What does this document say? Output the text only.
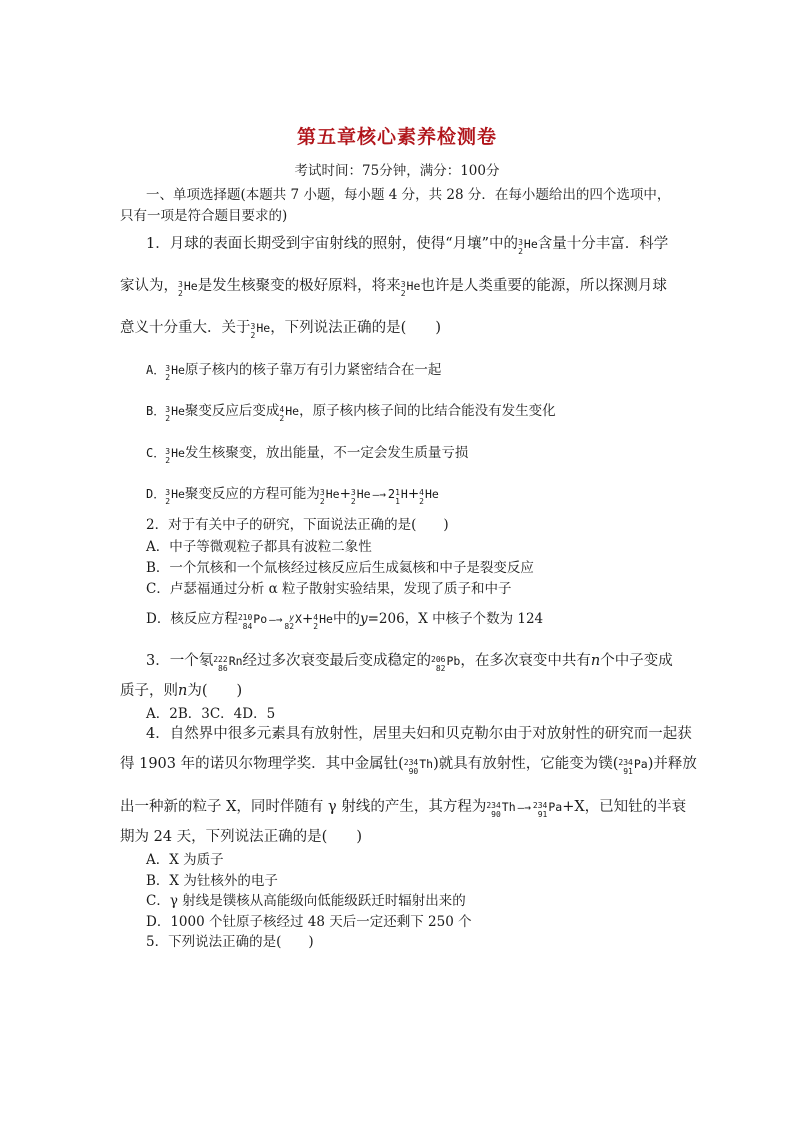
第五章核心素养检测卷
考试时间：75分钟，满分：100分
一、单项选择题(本题共 7 小题，每小题 4 分，共 28 分．在每小题给出的四个选项中，
只有一项是符合题目要求的)
1．月球的表面长期受到宇宙射线的照射，使得“月壤”中的 3
2
He 含量十分丰富．科学
家认为， 3
2
He 是发生核聚变的极好原料，将来 3
2
He 也许是人类重要的能源，所以探测月球
意义十分重大．关于 3
2
He ，下列说法正确的是(　　)
A． 3
2
He 原子核内的核子靠万有引力紧密结合在一起
B． 3
2
He 聚变反应后变成 4
2
He ，原子核内核子间的比结合能没有发生变化
C． 3
2
He 发生核聚变，放出能量，不一定会发生质量亏损
D． 3
2
He 聚变反应的方程可能为 3
2
He + 3
2
He —→ 2 1
1
H + 4
2
He
2．对于有关中子的研究，下面说法正确的是(　　)
A．中子等微观粒子都具有波粒二象性
B．一个氘核和一个氚核经过核反应后生成氦核和中子是裂变反应
C．卢瑟福通过分析 α 粒子散射实验结果，发现了质子和中子
D．核反应方程 210
84
Po —→ y
82
X + 4
2
He 中的y=206，X 中核子个数为 124
3．一个氡 222
86
Rn 经过多次衰变最后变成稳定的 206
82
Pb ，在多次衰变中共有n个中子变成
质子，则n为(　　)
A．2B．3C．4D．5
4．自然界中很多元素具有放射性，居里夫妇和贝克勒尔由于对放射性的研究而一起获
得 1903 年的诺贝尔物理学奖．其中金属钍( 234
90
Th )就具有放射性，它能变为镤( 234
91
Pa )并释放
出一种新的粒子 X，同时伴随有 γ 射线的产生，其方程为 234
90
Th —→ 234
91
Pa +X，已知钍的半衰
期为 24 天，下列说法正确的是(　　)
A．X 为质子
B．X 为钍核外的电子
C．γ 射线是镤核从高能级向低能级跃迁时辐射出来的
D．1000 个钍原子核经过 48 天后一定还剩下 250 个
5．下列说法正确的是(　　)
